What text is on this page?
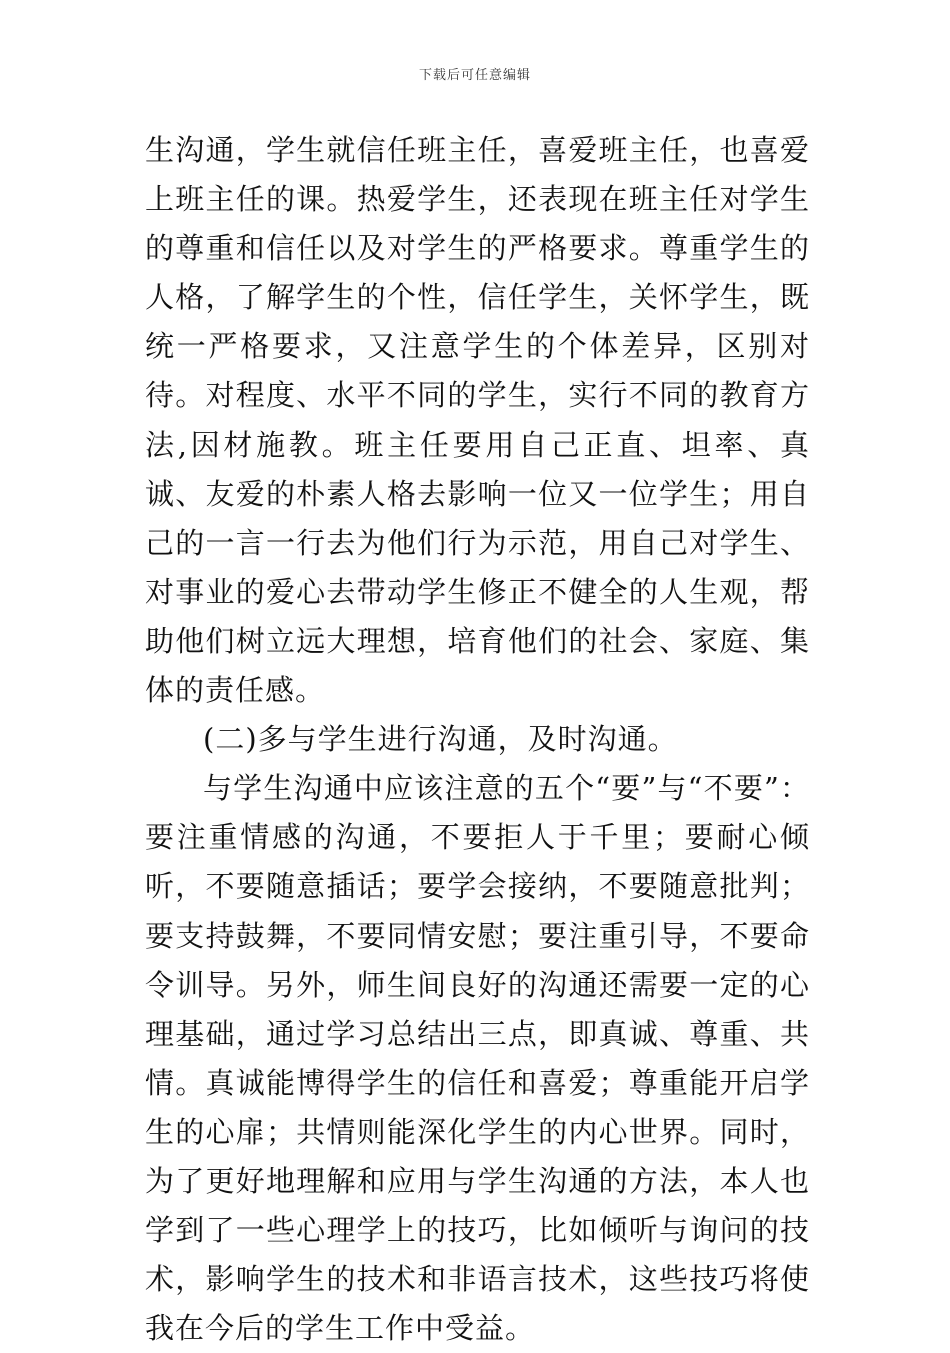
下载后可任意编辑

生沟通，学生就信任班主任，喜爱班主任，也喜爱上班主任的课。热爱学生，还表现在班主任对学生的尊重和信任以及对学生的严格要求。尊重学生的人格，了解学生的个性，信任学生，关怀学生，既统一严格要求，又注意学生的个体差异，区别对待。对程度、水平不同的学生，实行不同的教育方法,因材施教。班主任要用自己正直、坦率、真诚、友爱的朴素人格去影响一位又一位学生；用自己的一言一行去为他们行为示范，用自己对学生、对事业的爱心去带动学生修正不健全的人生观，帮助他们树立远大理想，培育他们的社会、家庭、集体的责任感。

(二)多与学生进行沟通，及时沟通。

与学生沟通中应该注意的五个“要”与“不要”：要注重情感的沟通，不要拒人于千里；要耐心倾听，不要随意插话；要学会接纳，不要随意批判；要支持鼓舞，不要同情安慰；要注重引导，不要命令训导。另外，师生间良好的沟通还需要一定的心理基础，通过学习总结出三点，即真诚、尊重、共情。真诚能博得学生的信任和喜爱；尊重能开启学生的心扉；共情则能深化学生的内心世界。同时，为了更好地理解和应用与学生沟通的方法，本人也学到了一些心理学上的技巧，比如倾听与询问的技术，影响学生的技术和非语言技术，这些技巧将使我在今后的学生工作中受益。
